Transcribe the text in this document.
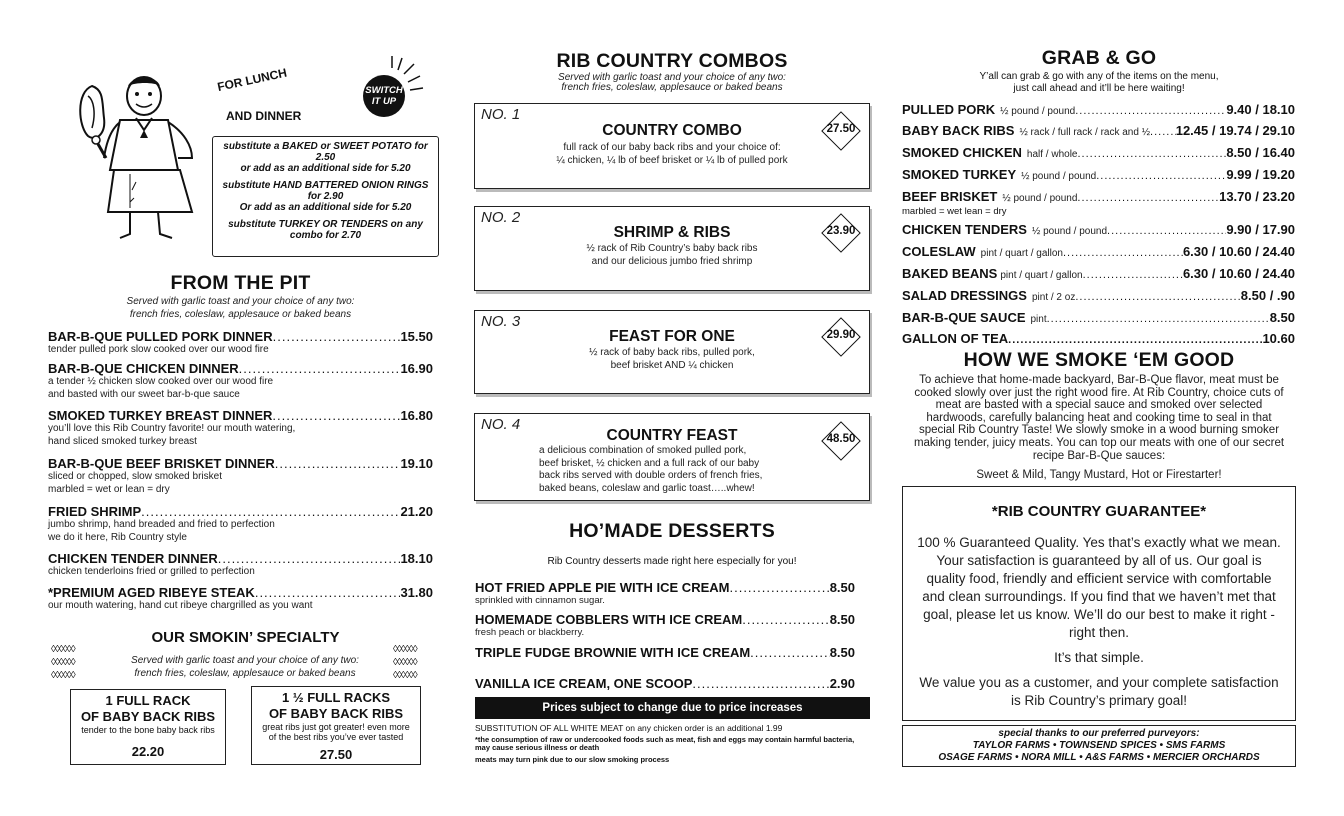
FOR LUNCH
AND DINNER
SWITCH
IT UP

substitute a BAKED or SWEET POTATO for
2.50
or add as an additional side for 5.20

substitute HAND BATTERED ONION RINGS
for 2.90
Or add as an additional side for 5.20

substitute TURKEY OR TENDERS on any
combo for 2.70

FROM THE PIT
Served with garlic toast and your choice of any two:
french fries, coleslaw, applesauce or baked beans
BAR-B-QUE PULLED PORK DINNER .....	15.50
tender pulled pork slow cooked over our wood fire
BAR-B-QUE CHICKEN DINNER .....	16.90
a tender ½ chicken slow cooked over our wood fire
and basted with our sweet bar-b-que sauce
SMOKED TURKEY BREAST DINNER .....	16.80
you’ll love this Rib Country favorite! our mouth watering,
hand sliced smoked turkey breast
BAR-B-QUE BEEF BRISKET DINNER .....	19.10
sliced or chopped, slow smoked brisket
marbled = wet or lean = dry
FRIED SHRIMP .....	21.20
jumbo shrimp, hand breaded and fried to perfection
we do it here, Rib Country style
CHICKEN TENDER DINNER .....	18.10
chicken tenderloins fried or grilled to perfection
*PREMIUM AGED RIBEYE STEAK .....	31.80
our mouth watering, hand cut ribeye chargrilled as you want
OUR SMOKIN’ SPECIALTY
Served with garlic toast and your choice of any two:
french fries, coleslaw, applesauce or baked beans
◊◊◊◊◊◊
◊◊◊◊◊◊
◊◊◊◊◊◊
◊◊◊◊◊◊
◊◊◊◊◊◊
◊◊◊◊◊◊
1 FULL RACK
OF BABY BACK RIBS
tender to the bone baby back ribs
22.20
1 ½ FULL RACKS
OF BABY BACK RIBS
great ribs just got greater! even more
of the best ribs you’ve ever tasted
27.50
RIB COUNTRY COMBOS
Served with garlic toast and your choice of any two:
french fries, coleslaw, applesauce or baked beans
NO. 1
COUNTRY COMBO
full rack of our baby back ribs and your choice of:
¼ chicken, ¼ lb of beef brisket or ¼ lb of pulled pork
27.50
NO. 2
SHRIMP & RIBS
½ rack of Rib Country’s baby back ribs
and our delicious jumbo fried shrimp
23.90
NO. 3
FEAST FOR ONE
½ rack of baby back ribs, pulled pork,
beef brisket AND ¼ chicken
29.90
NO. 4
COUNTRY FEAST
a delicious combination of smoked pulled pork,
beef brisket, ½ chicken and a full rack of our baby
back ribs served with double orders of french fries,
baked beans, coleslaw and garlic toast…..whew!
48.50
HO’MADE DESSERTS
Rib Country desserts made right here especially for you!
HOT FRIED APPLE PIE WITH ICE CREAM .....	8.50
sprinkled with cinnamon sugar.
HOMEMADE COBBLERS WITH ICE CREAM .....	8.50
fresh peach or blackberry.
TRIPLE FUDGE BROWNIE WITH ICE CREAM .....	8.50
VANILLA ICE CREAM, ONE SCOOP .....	2.90
Prices subject to change due to price increases
SUBSTITUTION OF ALL WHITE MEAT on any chicken order is an additional 1.99
*the consumption of raw or undercooked foods such as meat, fish and eggs may contain harmful bacteria, may cause serious illness or death
meats may turn pink due to our slow smoking process
GRAB & GO
Y’all can grab & go with any of the items on the menu,
just call ahead and it’ll be here waiting!
PULLED PORK ½ pound / pound .....	9.40 / 18.10
BABY BACK RIBS ½ rack / full rack / rack and ½ ..... 12.45 / 19.74 / 29.10
SMOKED CHICKEN half / whole .....	8.50 / 16.40
SMOKED TURKEY ½ pound / pound .....	9.99 / 19.20
BEEF BRISKET ½ pound / pound .....	13.70 / 23.20
marbled = wet lean = dry
CHICKEN TENDERS ½ pound / pound .....	9.90 / 17.90
COLESLAW pint / quart / gallon .....	6.30 / 10.60 / 24.40
BAKED BEANS pint / quart / gallon .....	6.30 / 10.60 / 24.40
SALAD DRESSINGS pint / 2 oz .....	8.50 / .90
BAR-B-QUE SAUCE pint .....	8.50
GALLON OF TEA .....	10.60
HOW WE SMOKE ‘EM GOOD
To achieve that home-made backyard, Bar-B-Que flavor, meat must be
cooked slowly over just the right wood fire. At Rib Country, choice cuts of
meat are basted with a special sauce and smoked over selected
hardwoods, carefully balancing heat and cooking time to seal in that
special Rib Country Taste! We slowly smoke in a wood burning smoker
making tender, juicy meats. You can top our meats with one of our secret
recipe Bar-B-Que sauces:
Sweet & Mild, Tangy Mustard, Hot or Firestarter!
*RIB COUNTRY GUARANTEE*
100 % Guaranteed Quality. Yes that’s exactly what we mean.
Your satisfaction is guaranteed by all of us. Our goal is
quality food, friendly and efficient service with comfortable
and clean surroundings. If you find that we haven’t met that
goal, please let us know. We’ll do our best to make it right -
right then.
It’s that simple.
We value you as a customer, and your complete satisfaction
is Rib Country’s primary goal!
special thanks to our preferred purveyors:
TAYLOR FARMS • TOWNSEND SPICES • SMS FARMS
OSAGE FARMS • NORA MILL • A&S FARMS • MERCIER ORCHARDS
